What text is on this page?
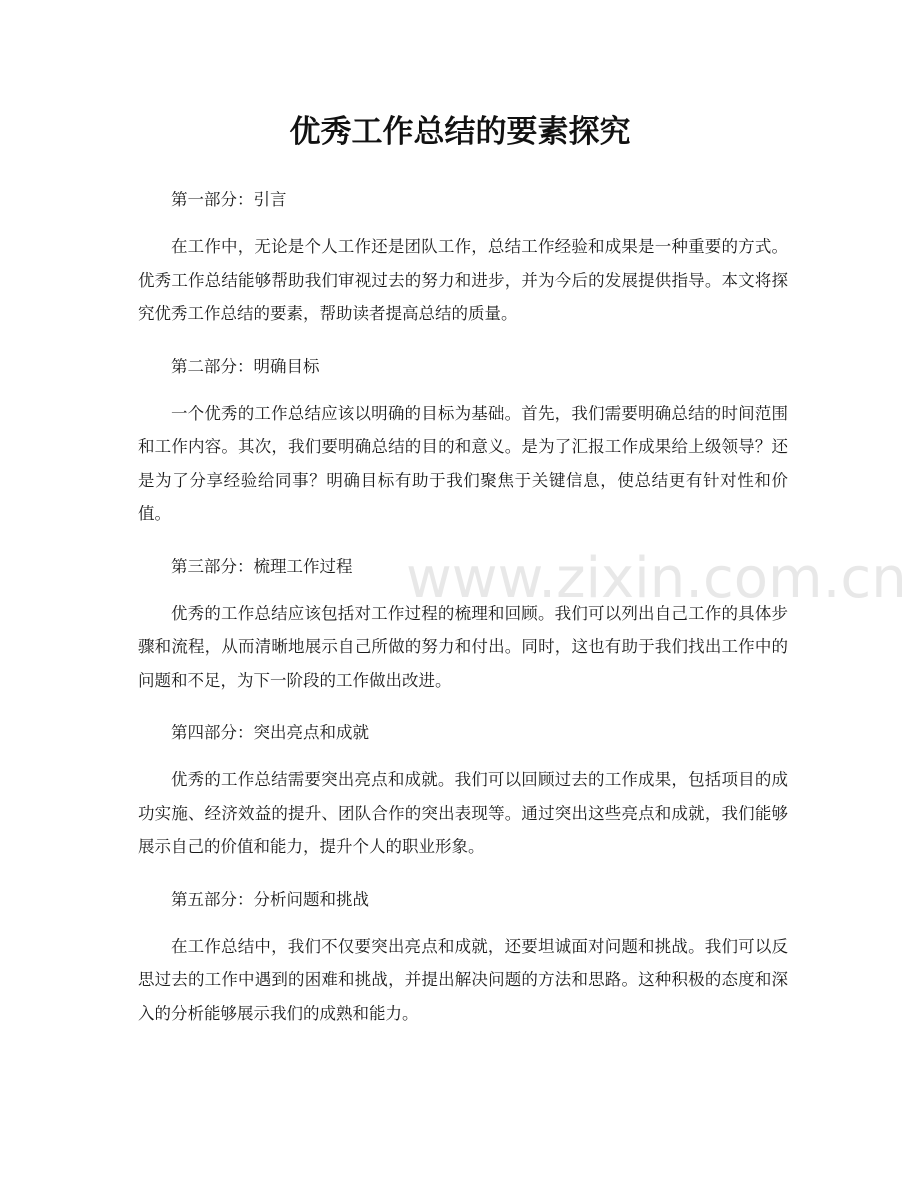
优秀工作总结的要素探究

第一部分：引言

在工作中，无论是个人工作还是团队工作，总结工作经验和成果是一种重要的方式。优秀工作总结能够帮助我们审视过去的努力和进步，并为今后的发展提供指导。本文将探究优秀工作总结的要素，帮助读者提高总结的质量。

第二部分：明确目标

一个优秀的工作总结应该以明确的目标为基础。首先，我们需要明确总结的时间范围和工作内容。其次，我们要明确总结的目的和意义。是为了汇报工作成果给上级领导？还是为了分享经验给同事？明确目标有助于我们聚焦于关键信息，使总结更有针对性和价值。

第三部分：梳理工作过程

优秀的工作总结应该包括对工作过程的梳理和回顾。我们可以列出自己工作的具体步骤和流程，从而清晰地展示自己所做的努力和付出。同时，这也有助于我们找出工作中的问题和不足，为下一阶段的工作做出改进。

第四部分：突出亮点和成就

优秀的工作总结需要突出亮点和成就。我们可以回顾过去的工作成果，包括项目的成功实施、经济效益的提升、团队合作的突出表现等。通过突出这些亮点和成就，我们能够展示自己的价值和能力，提升个人的职业形象。

第五部分：分析问题和挑战

在工作总结中，我们不仅要突出亮点和成就，还要坦诚面对问题和挑战。我们可以反思过去的工作中遇到的困难和挑战，并提出解决问题的方法和思路。这种积极的态度和深入的分析能够展示我们的成熟和能力。

www.zixin.com.cn
